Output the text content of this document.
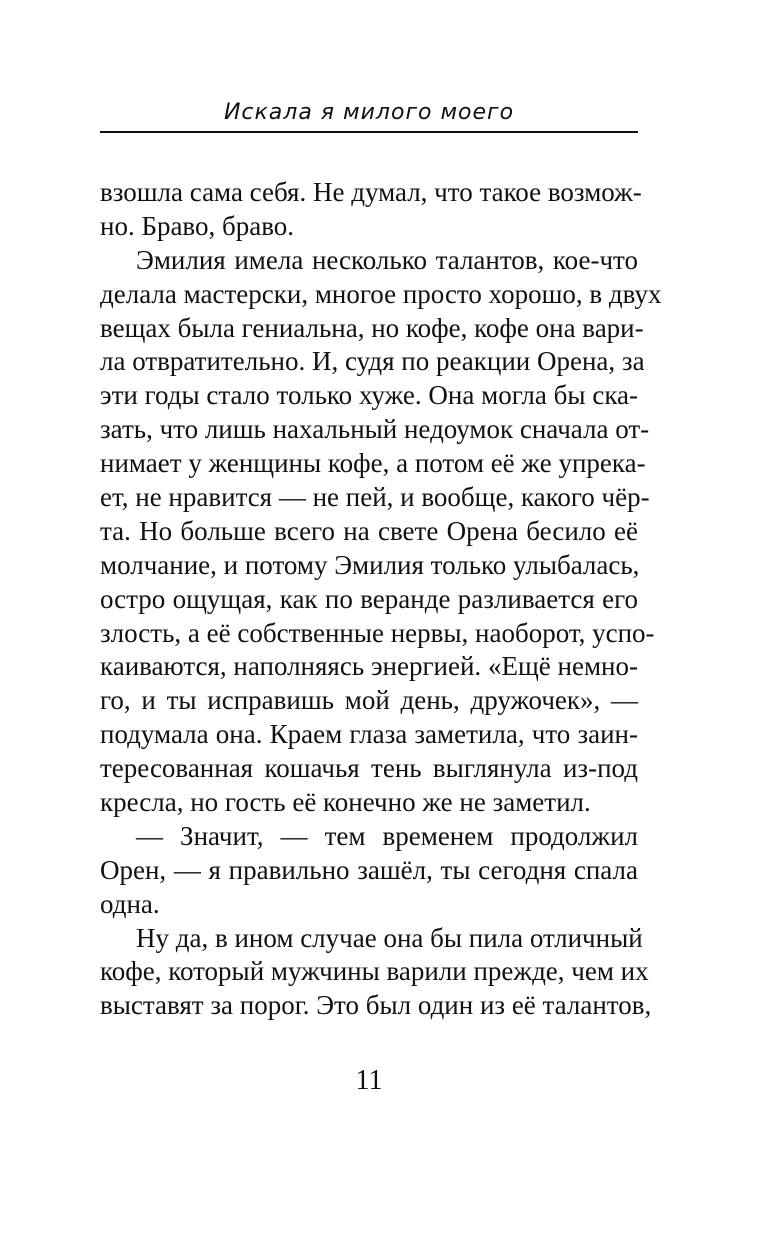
Искала я милого моего
взошла сама себя. Не думал, что такое возмож-
но. Браво, браво.
Эмилия имела несколько талантов, кое-что
делала мастерски, многое просто хорошо, в двух
вещах была гениальна, но кофе, кофе она вари-
ла отвратительно. И, судя по реакции Орена, за
эти годы стало только хуже. Она могла бы ска-
зать, что лишь нахальный недоумок сначала от-
нимает у женщины кофе, а потом её же упрека-
ет, не нравится — не пей, и вообще, какого чёр-
та. Но больше всего на свете Орена бесило её
молчание, и потому Эмилия только улыбалась,
остро ощущая, как по веранде разливается его
злость, а её собственные нервы, наоборот, успо-
каиваются, наполняясь энергией. «Ещё немно-
го, и ты исправишь мой день, дружочек», —
подумала она. Краем глаза заметила, что заин-
тересованная кошачья тень выглянула из-под
кресла, но гость её конечно же не заметил.
— Значит, — тем временем продолжил
Орен, — я правильно зашёл, ты сегодня спала
одна.
Ну да, в ином случае она бы пила отличный
кофе, который мужчины варили прежде, чем их
выставят за порог. Это был один из её талантов,
11
